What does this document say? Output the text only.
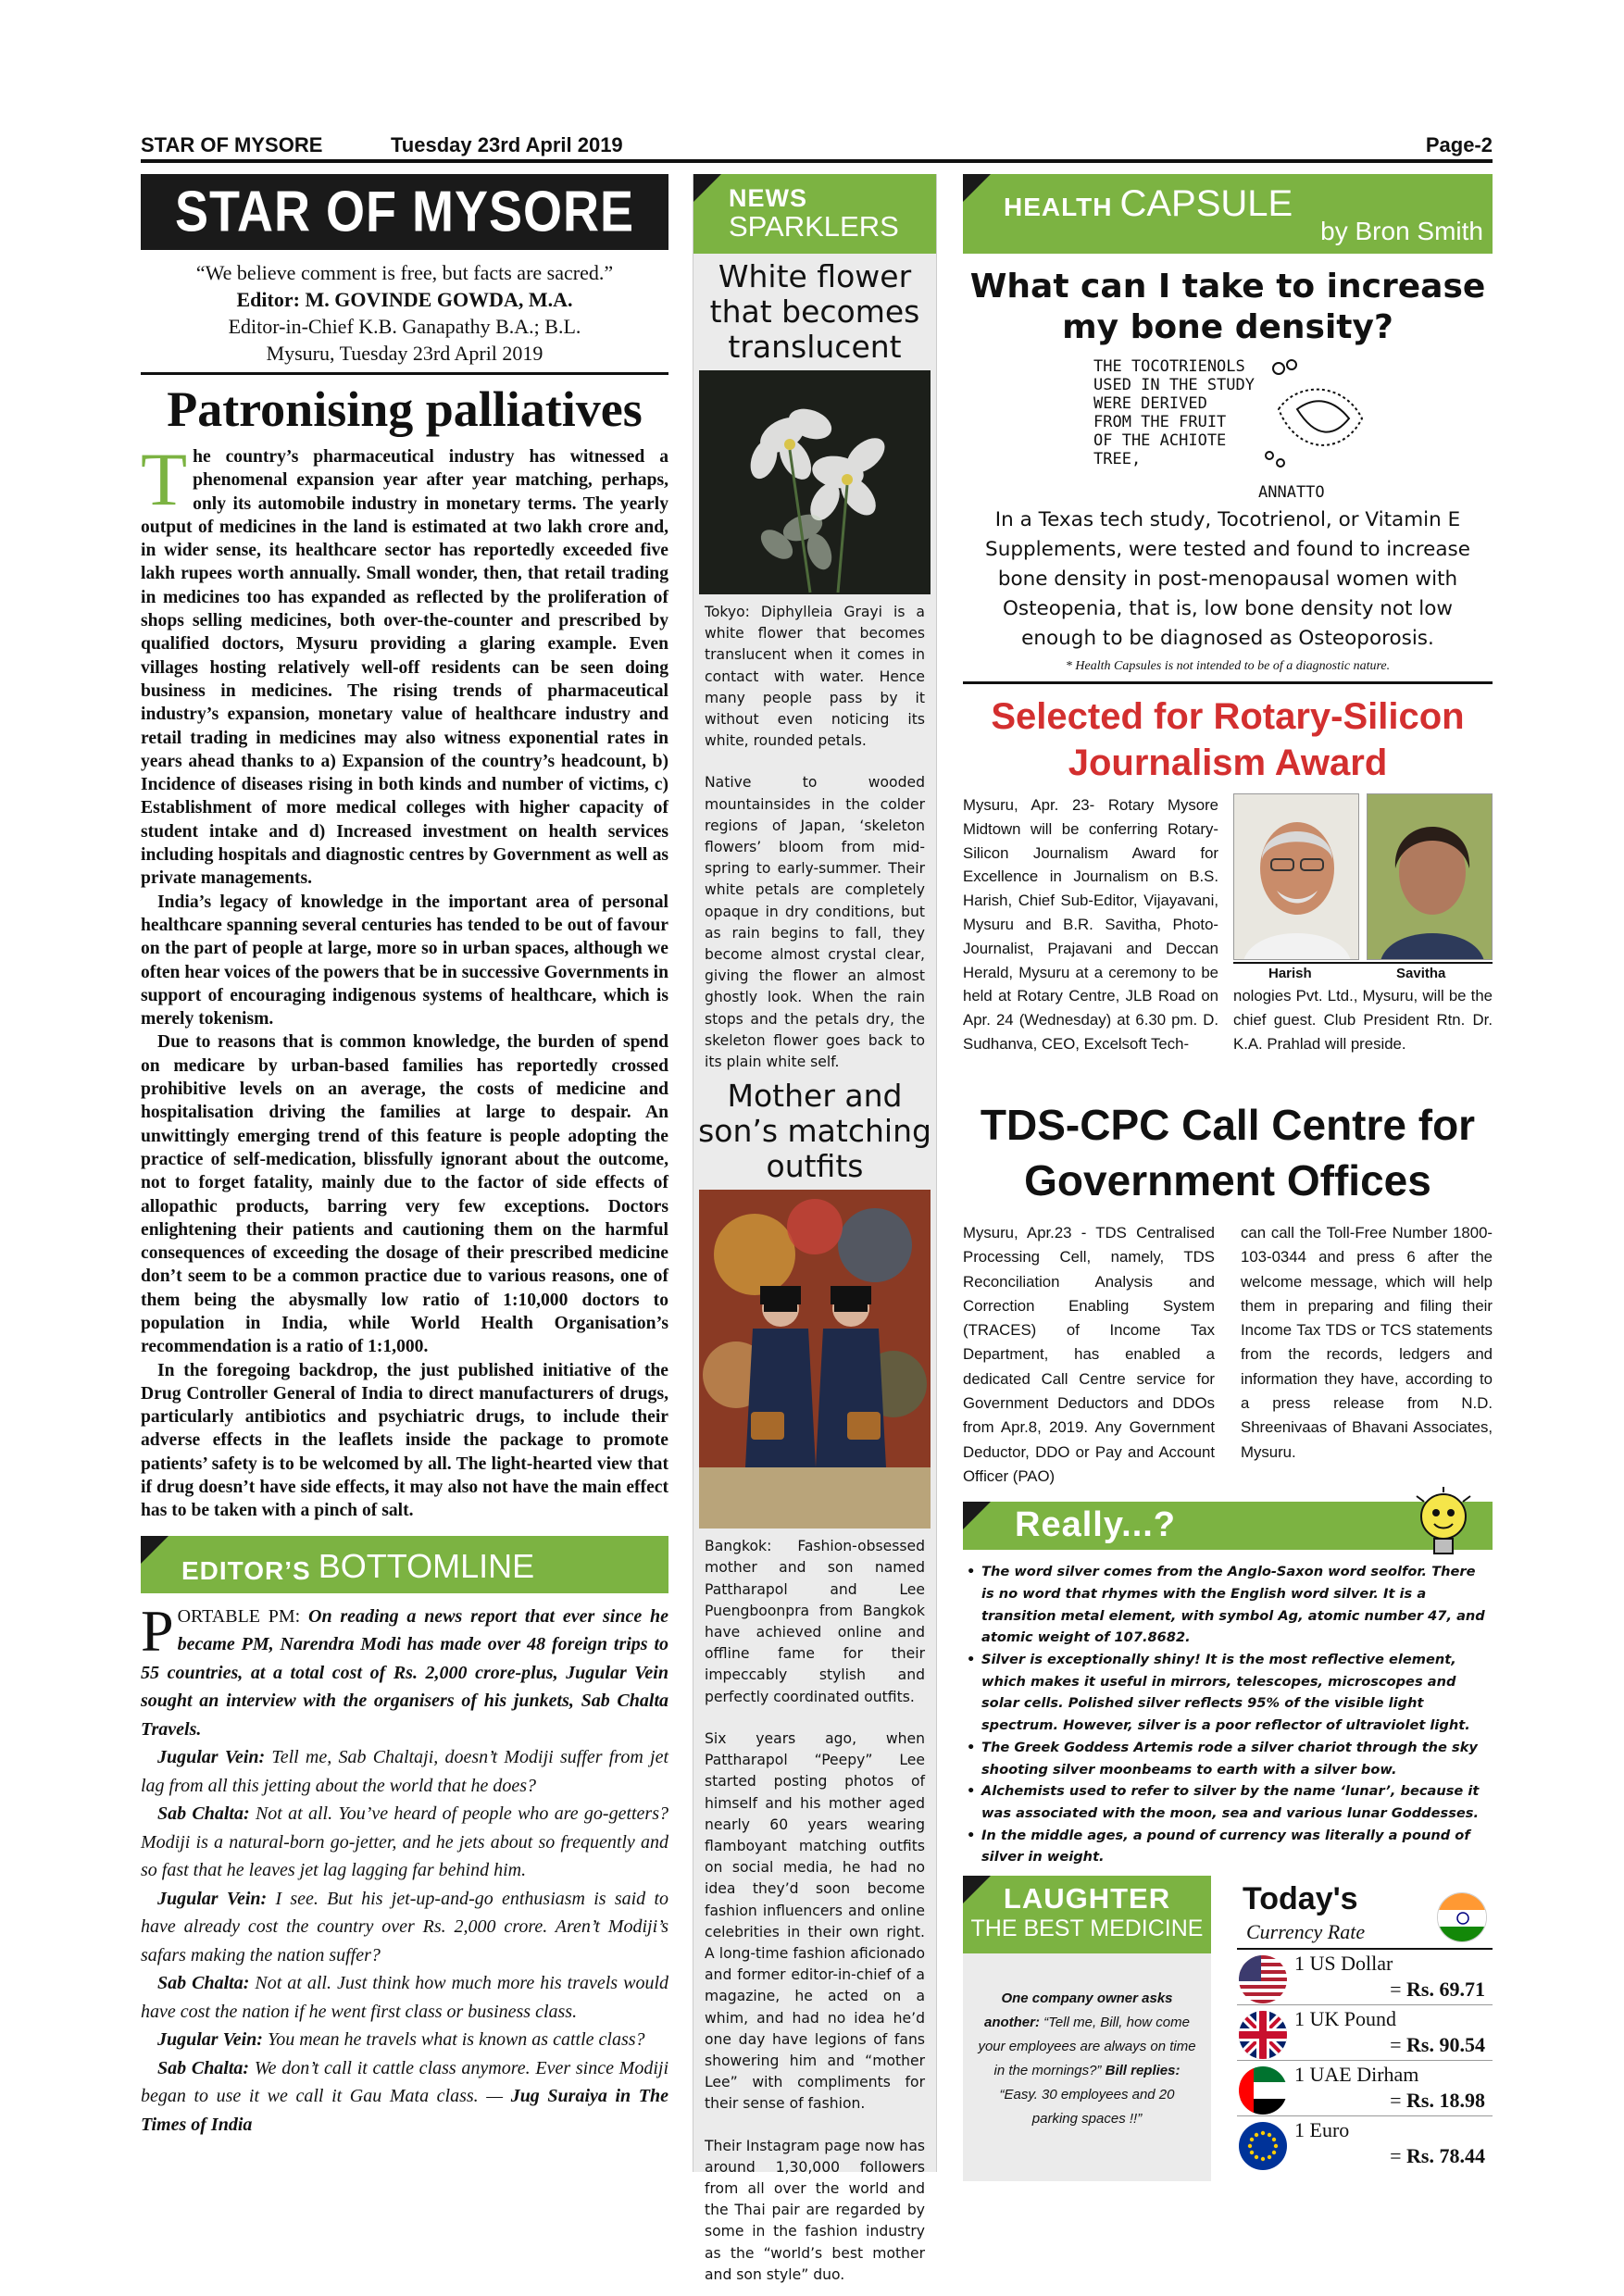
STAR OF MYSORE	Tuesday 23rd April 2019	Page-2
STAR OF MYSORE
“We believe comment is free, but facts are sacred.”
Editor: M. GOVINDE GOWDA, M.A.
Editor-in-Chief K.B. Ganapathy B.A.; B.L.
Mysuru, Tuesday 23rd April 2019
Patronising palliatives

The country’s pharmaceutical industry has witnessed a phenomenal expansion year after year matching, perhaps, only its automobile industry in monetary terms. The yearly output of medicines in the land is estimated at two lakh crore and, in wider sense, its healthcare sector has reportedly exceeded five lakh rupees worth annually. Small wonder, then, that retail trading in medicines too has expanded as reflected by the proliferation of shops selling medicines, both over-the-counter and prescribed by qualified doctors, Mysuru providing a glaring example. Even villages hosting relatively well-off residents can be seen doing business in medicines. The rising trends of pharmaceutical industry’s expansion, monetary value of healthcare industry and retail trading in medicines may also witness exponential rates in years ahead thanks to a) Expansion of the country’s headcount, b) Incidence of diseases rising in both kinds and number of victims, c) Establishment of more medical colleges with higher capacity of student intake and d) Increased investment on health services including hospitals and diagnostic centres by Government as well as private managements.

India’s legacy of knowledge in the important area of personal healthcare spanning several centuries has tended to be out of favour on the part of people at large, more so in urban spaces, although we often hear voices of the powers that be in successive Governments in support of encouraging indigenous systems of healthcare, which is merely tokenism.

Due to reasons that is common knowledge, the burden of spend on medicare by urban-based families has reportedly crossed prohibitive levels on an average, the costs of medicine and hospitalisation driving the families at large to despair. An unwittingly emerging trend of this feature is people adopting the practice of self-medication, blissfully ignorant about the outcome, not to forget fatality, mainly due to the factor of side effects of allopathic products, barring very few exceptions. Doctors enlightening their patients and cautioning them on the harmful consequences of exceeding the dosage of their prescribed medicine don’t seem to be a common practice due to various reasons, one of them being the abysmally low ratio of 1:10,000 doctors to population in India, while World Health Organisation’s recommendation is a ratio of 1:1,000.

In the foregoing backdrop, the just published initiative of the Drug Controller General of India to direct manufacturers of drugs, particularly antibiotics and psychiatric drugs, to include their adverse effects in the leaflets inside the package to promote patients’ safety is to be welcomed by all. The light-hearted view that if drug doesn’t have side effects, it may also not have the main effect has to be taken with a pinch of salt.

EDITOR’S BOTTOMLINE

PORTABLE PM: On reading a news report that ever since he became PM, Narendra Modi has made over 48 foreign trips to 55 countries, at a total cost of Rs. 2,000 crore-plus, Jugular Vein sought an interview with the organisers of his junkets, Sab Chalta Travels.

Jugular Vein: Tell me, Sab Chaltaji, doesn’t Modiji suffer from jet lag from all this jetting about the world that he does?

Sab Chalta: Not at all. You’ve heard of people who are go-getters? Modiji is a natural-born go-jetter, and he jets about so frequently and so fast that he leaves jet lag lagging far behind him.

Jugular Vein: I see. But his jet-up-and-go enthusiasm is said to have already cost the country over Rs. 2,000 crore. Aren’t Modiji’s safars making the nation suffer?

Sab Chalta: Not at all. Just think how much more his travels would have cost the nation if he went first class or business class.

Jugular Vein: You mean he travels what is known as cattle class?

Sab Chalta: We don’t call it cattle class anymore. Ever since Modiji began to use it we call it Gau Mata class. — Jug Suraiya in The Times of India

NEWS
SPARKLERS
White flower that becomes translucent

Tokyo: Diphylleia Grayi is a white flower that becomes translucent when it comes in contact with water. Hence many people pass by it without even noticing its white, rounded petals.

Native to wooded mountainsides in the colder regions of Japan, ‘skeleton flowers’ bloom from mid-spring to early-summer. Their white petals are completely opaque in dry conditions, but as rain begins to fall, they become almost crystal clear, giving the flower an almost ghostly look. When the rain stops and the petals dry, the skeleton flower goes back to its plain white self.

Mother and son’s matching outfits

Bangkok: Fashion-obsessed mother and son named Pattharapol and Lee Puengboonpra from Bangkok have achieved online and offline fame for their impeccably stylish and perfectly coordinated outfits.

Six years ago, when Pattharapol “Peepy” Lee started posting photos of himself and his mother aged nearly 60 years wearing flamboyant matching outfits on social media, he had no idea they’d soon become fashion influencers and online celebrities in their own right. A long-time fashion aficionado and former editor-in-chief of a magazine, he acted on a whim, and had no idea he’d one day have legions of fans showering him and “mother Lee” with compliments for their sense of fashion.

Their Instagram page now has around 1,30,000 followers from all over the world and the Thai pair are regarded by some in the fashion industry as the “world’s best mother and son style” duo.

HEALTH CAPSULE
by Bron Smith
What can I take to increase my bone density?
THE TOCOTRIENOLS
USED IN THE STUDY
WERE DERIVED
FROM THE FRUIT
OF THE ACHIOTE
TREE,
ANNATTO
In a Texas tech study, Tocotrienol, or Vitamin E Supplements, were tested and found to increase bone density in post-menopausal women with Osteopenia, that is, low bone density not low enough to be diagnosed as Osteoporosis.
* Health Capsules is not intended to be of a diagnostic nature.
Selected for Rotary-Silicon Journalism Award
Mysuru, Apr. 23- Rotary Mysore Midtown will be conferring Rotary-Silicon Journalism Award for Excellence in Journalism on B.S. Harish, Chief Sub-Editor, Vijayavani, Mysuru and B.R. Savitha, Photo-Journalist, Prajavani and Deccan Herald, Mysuru at a ceremony to be held at Rotary Centre, JLB Road on Apr. 24 (Wednesday) at 6.30 pm. D. Sudhanva, CEO, Excelsoft Tech-
Harish	Savitha
nologies Pvt. Ltd., Mysuru, will be the chief guest. Club President Rtn. Dr. K.A. Prahlad will preside.
TDS-CPC Call Centre for Government Offices
Mysuru, Apr.23 - TDS Centralised Processing Cell, namely, TDS Reconciliation Analysis and Correction Enabling System (TRACES) of Income Tax Department, has enabled a dedicated Call Centre service for Government Deductors and DDOs from Apr.8, 2019. Any Government Deductor, DDO or Pay and Account Officer (PAO)
can call the Toll-Free Number 1800-103-0344 and press 6 after the welcome message, which will help them in preparing and filing their Income Tax TDS or TCS statements from the records, ledgers and information they have, according to a press release from N.D. Shreenivaas of Bhavani Associates, Mysuru.
Really...?
• The word silver comes from the Anglo-Saxon word seolfor. There is no word that rhymes with the English word silver. It is a transition metal element, with symbol Ag, atomic number 47, and atomic weight of 107.8682.
• Silver is exceptionally shiny! It is the most reflective element, which makes it useful in mirrors, telescopes, microscopes and solar cells. Polished silver reflects 95% of the visible light spectrum. However, silver is a poor reflector of ultraviolet light.
• The Greek Goddess Artemis rode a silver chariot through the sky shooting silver moonbeams to earth with a silver bow.
• Alchemists used to refer to silver by the name ‘lunar’, because it was associated with the moon, sea and various lunar Goddesses.
• In the middle ages, a pound of currency was literally a pound of silver in weight.
LAUGHTER
THE BEST MEDICINE
One company owner asks another: “Tell me, Bill, how come your employees are always on time in the mornings?” Bill replies: “Easy. 30 employees and 20 parking spaces !!”
Today's
Currency Rate
1 US Dollar
= Rs. 69.71
1 UK Pound
= Rs. 90.54
1 UAE Dirham
= Rs. 18.98
1 Euro
= Rs. 78.44
